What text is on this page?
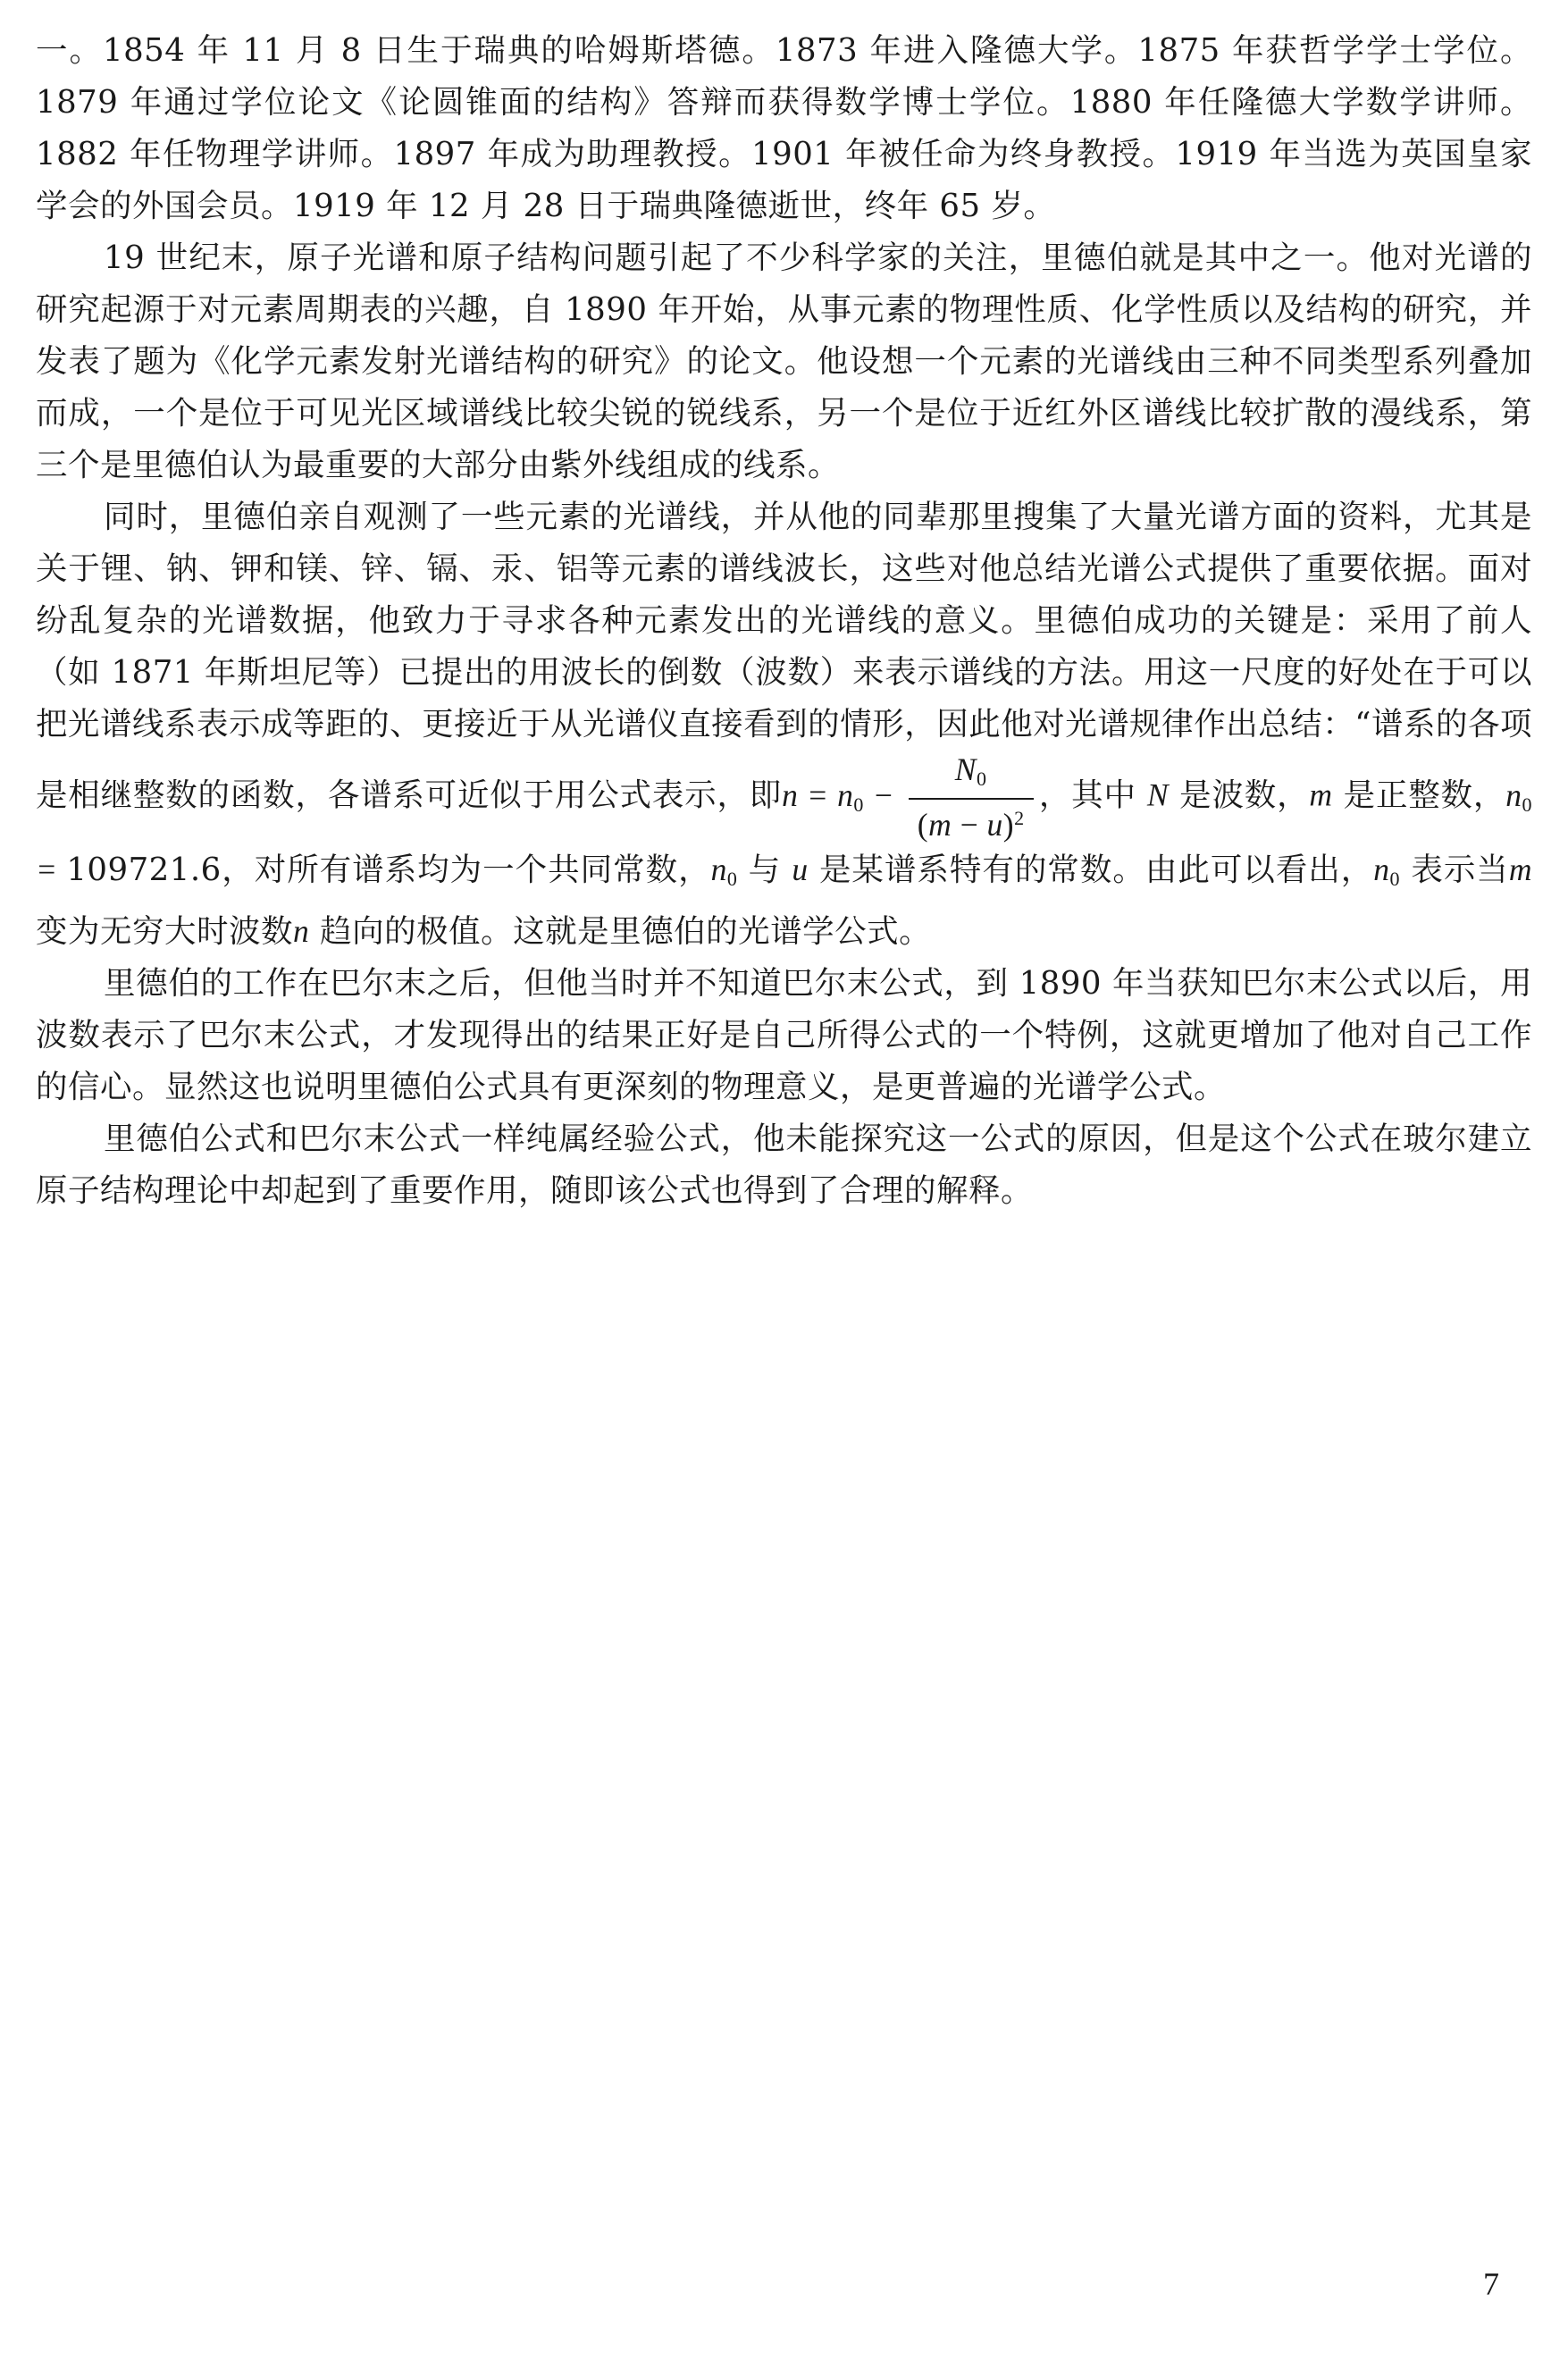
一。1854 年 11 月 8 日生于瑞典的哈姆斯塔德。1873 年进入隆德大学。1875 年获哲学学士学位。1879 年通过学位论文《论圆锥面的结构》答辩而获得数学博士学位。1880 年任隆德大学数学讲师。1882 年任物理学讲师。1897 年成为助理教授。1901 年被任命为终身教授。1919 年当选为英国皇家学会的外国会员。1919 年 12 月 28 日于瑞典隆德逝世，终年 65 岁。

19 世纪末，原子光谱和原子结构问题引起了不少科学家的关注，里德伯就是其中之一。他对光谱的研究起源于对元素周期表的兴趣，自 1890 年开始，从事元素的物理性质、化学性质以及结构的研究，并发表了题为《化学元素发射光谱结构的研究》的论文。他设想一个元素的光谱线由三种不同类型系列叠加而成，一个是位于可见光区域谱线比较尖锐的锐线系，另一个是位于近红外区谱线比较扩散的漫线系，第三个是里德伯认为最重要的大部分由紫外线组成的线系。

同时，里德伯亲自观测了一些元素的光谱线，并从他的同辈那里搜集了大量光谱方面的资料，尤其是关于锂、钠、钾和镁、锌、镉、汞、铝等元素的谱线波长，这些对他总结光谱公式提供了重要依据。面对纷乱复杂的光谱数据，他致力于寻求各种元素发出的光谱线的意义。里德伯成功的关键是：采用了前人（如 1871 年斯坦尼等）已提出的用波长的倒数（波数）来表示谱线的方法。用这一尺度的好处在于可以把光谱线系表示成等距的、更接近于从光谱仪直接看到的情形，因此他对光谱规律作出总结：“谱系的各项是相继整数的函数，各谱系可近似于用公式表示，即$n = n_0 - \frac{N_0}{(m - u)^2}$ ，其中 N 是波数，m 是正整数，$n_0 = 109721.6$，对所有谱系均为一个共同常数，$n_0$ 与 u 是某谱系特有的常数。由此可以看出，$n_0$ 表示当m 变为无穷大时波数n 趋向的极值。这就是里德伯的光谱学公式。

里德伯的工作在巴尔末之后，但他当时并不知道巴尔末公式，到 1890 年当获知巴尔末公式以后，用波数表示了巴尔末公式，才发现得出的结果正好是自己所得公式的一个特例，这就更增加了他对自己工作的信心。显然这也说明里德伯公式具有更深刻的物理意义，是更普遍的光谱学公式。

里德伯公式和巴尔末公式一样纯属经验公式，他未能探究这一公式的原因，但是这个公式在玻尔建立原子结构理论中却起到了重要作用，随即该公式也得到了合理的解释。

7
